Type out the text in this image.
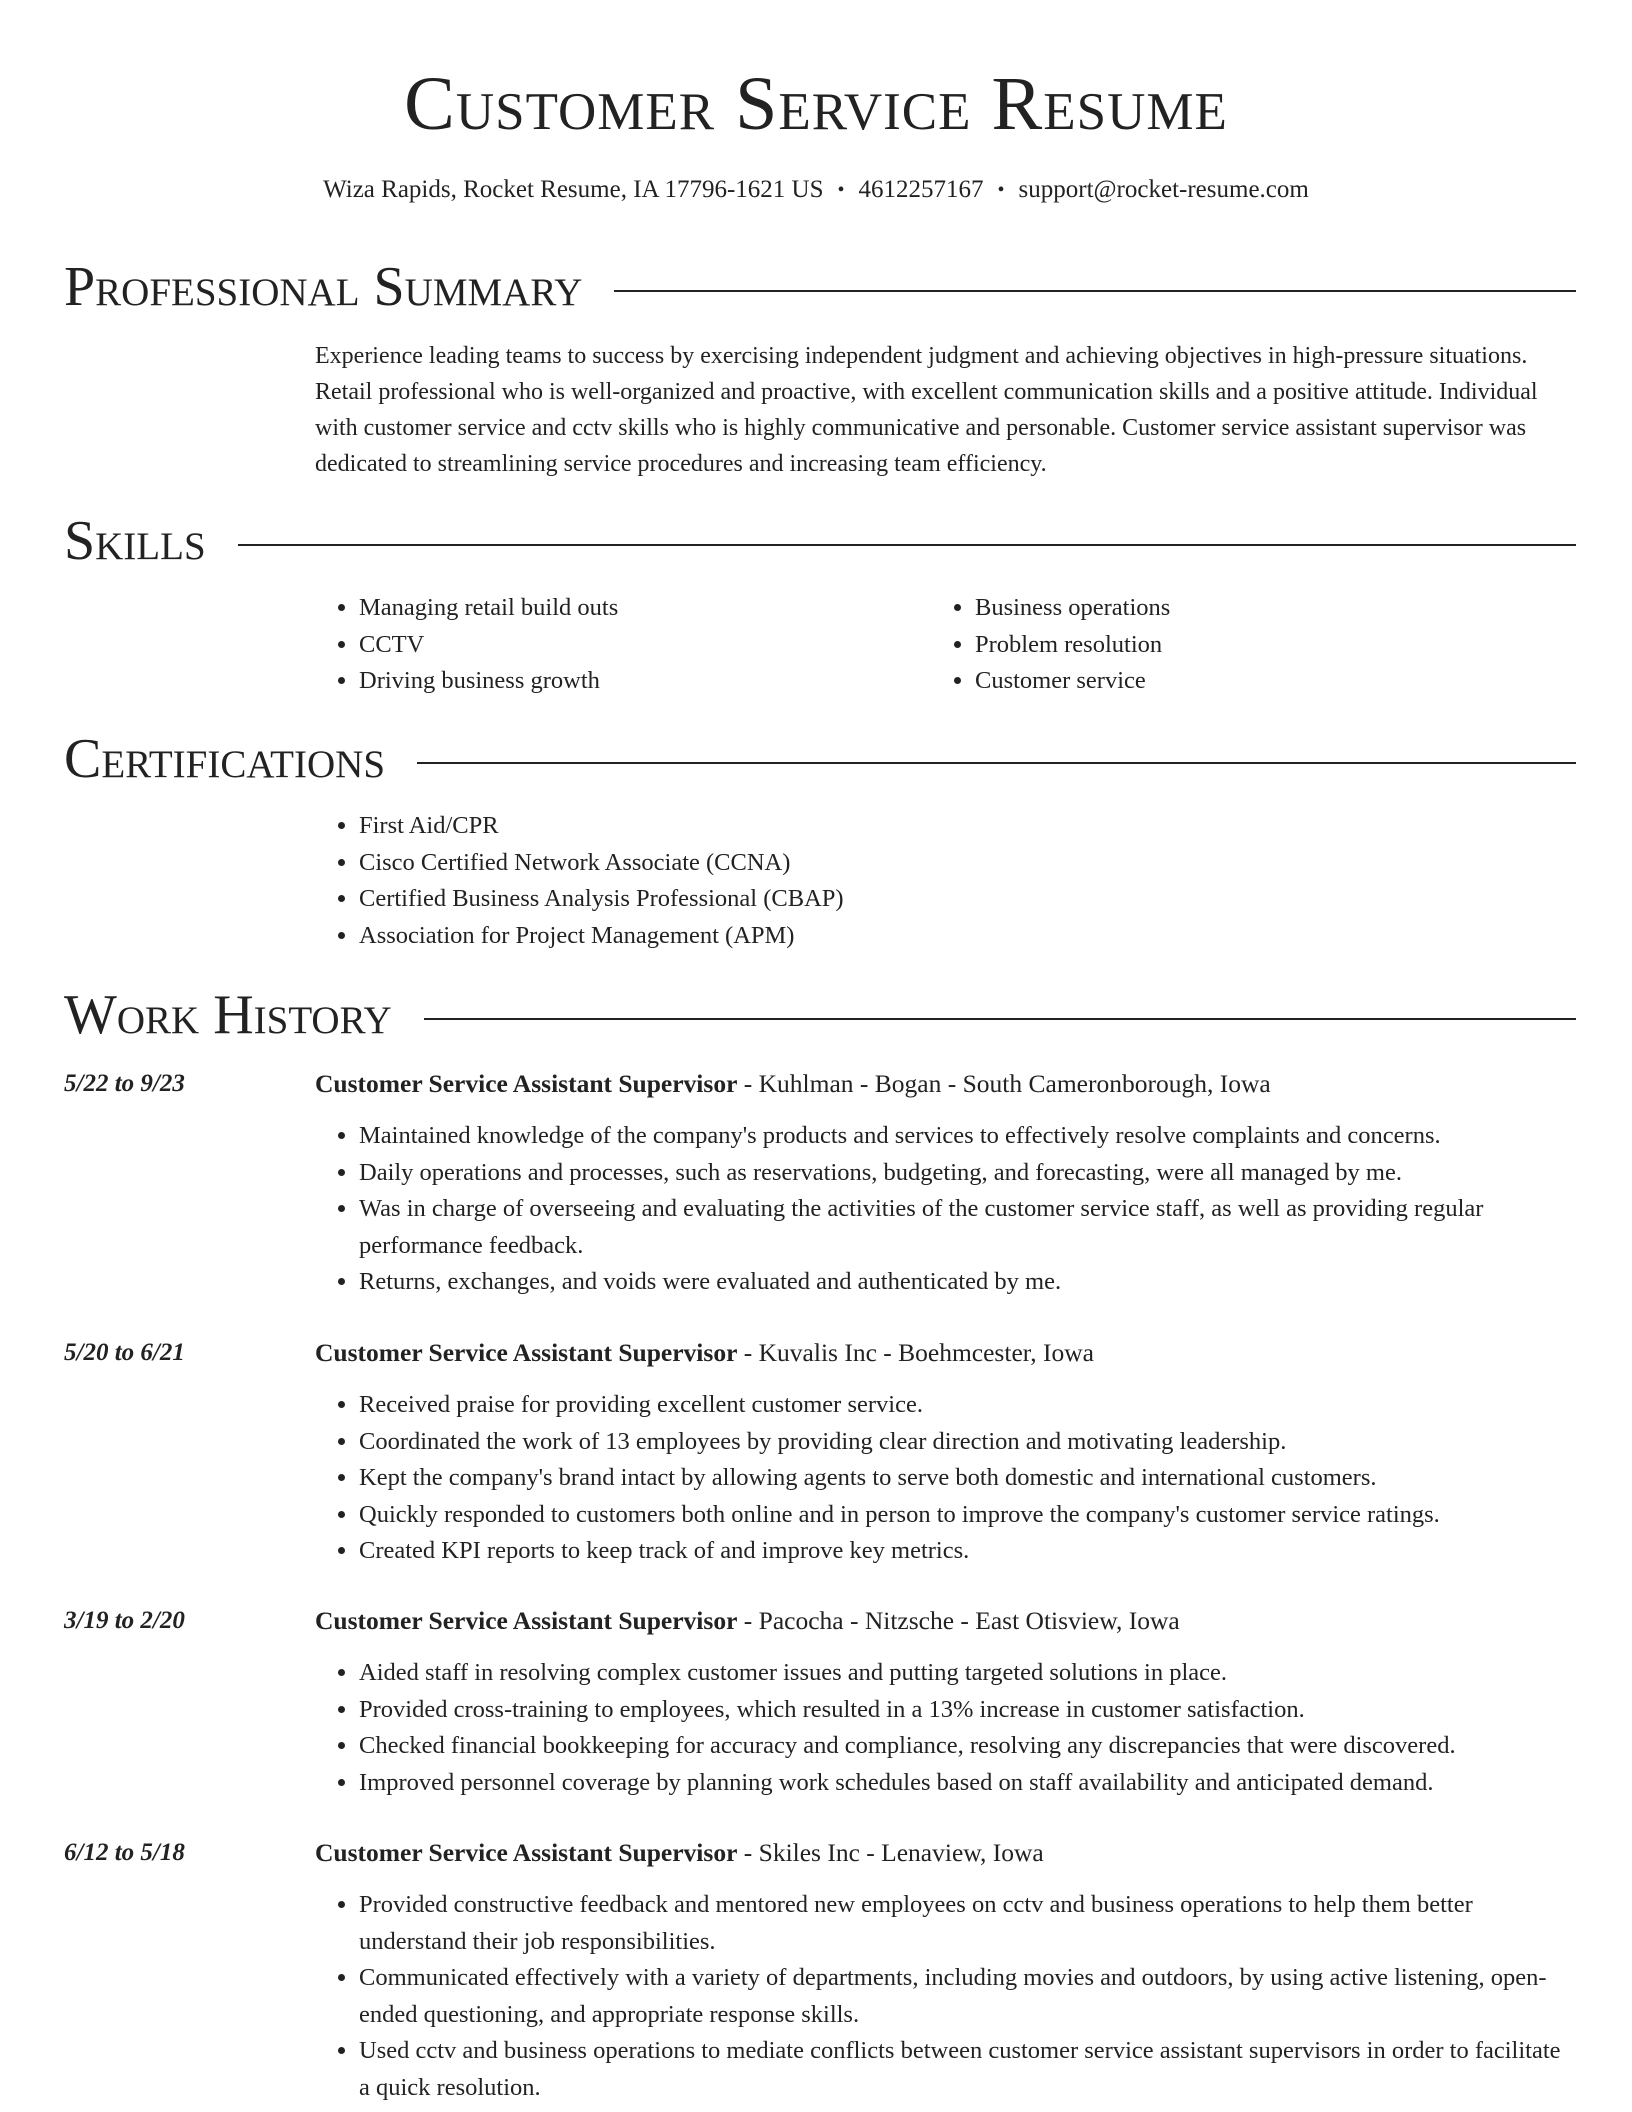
Customer Service Resume
Wiza Rapids, Rocket Resume, IA 17796-1621 US • 4612257167 • support@rocket-resume.com
Professional Summary

Experience leading teams to success by exercising independent judgment and achieving objectives in high-pressure situations. Retail professional who is well-organized and proactive, with excellent communication skills and a positive attitude. Individual with customer service and cctv skills who is highly communicative and personable. Customer service assistant supervisor was dedicated to streamlining service procedures and increasing team efficiency.

Skills
• Managing retail build outs
• CCTV
• Driving business growth
• Business operations
• Problem resolution
• Customer service
Certifications
• First Aid/CPR
• Cisco Certified Network Associate (CCNA)
• Certified Business Analysis Professional (CBAP)
• Association for Project Management (APM)
Work History
5/22 to 9/23	Customer Service Assistant Supervisor - Kuhlman - Bogan - South Cameronborough, Iowa
• Maintained knowledge of the company's products and services to effectively resolve complaints and concerns.
• Daily operations and processes, such as reservations, budgeting, and forecasting, were all managed by me.
• Was in charge of overseeing and evaluating the activities of the customer service staff, as well as providing regular performance feedback.
• Returns, exchanges, and voids were evaluated and authenticated by me.
5/20 to 6/21	Customer Service Assistant Supervisor - Kuvalis Inc - Boehmcester, Iowa
• Received praise for providing excellent customer service.
• Coordinated the work of 13 employees by providing clear direction and motivating leadership.
• Kept the company's brand intact by allowing agents to serve both domestic and international customers.
• Quickly responded to customers both online and in person to improve the company's customer service ratings.
• Created KPI reports to keep track of and improve key metrics.
3/19 to 2/20	Customer Service Assistant Supervisor - Pacocha - Nitzsche - East Otisview, Iowa
• Aided staff in resolving complex customer issues and putting targeted solutions in place.
• Provided cross-training to employees, which resulted in a 13% increase in customer satisfaction.
• Checked financial bookkeeping for accuracy and compliance, resolving any discrepancies that were discovered.
• Improved personnel coverage by planning work schedules based on staff availability and anticipated demand.
6/12 to 5/18	Customer Service Assistant Supervisor - Skiles Inc - Lenaview, Iowa
• Provided constructive feedback and mentored new employees on cctv and business operations to help them better understand their job responsibilities.
• Communicated effectively with a variety of departments, including movies and outdoors, by using active listening, open-ended questioning, and appropriate response skills.
• Used cctv and business operations to mediate conflicts between customer service assistant supervisors in order to facilitate a quick resolution.
